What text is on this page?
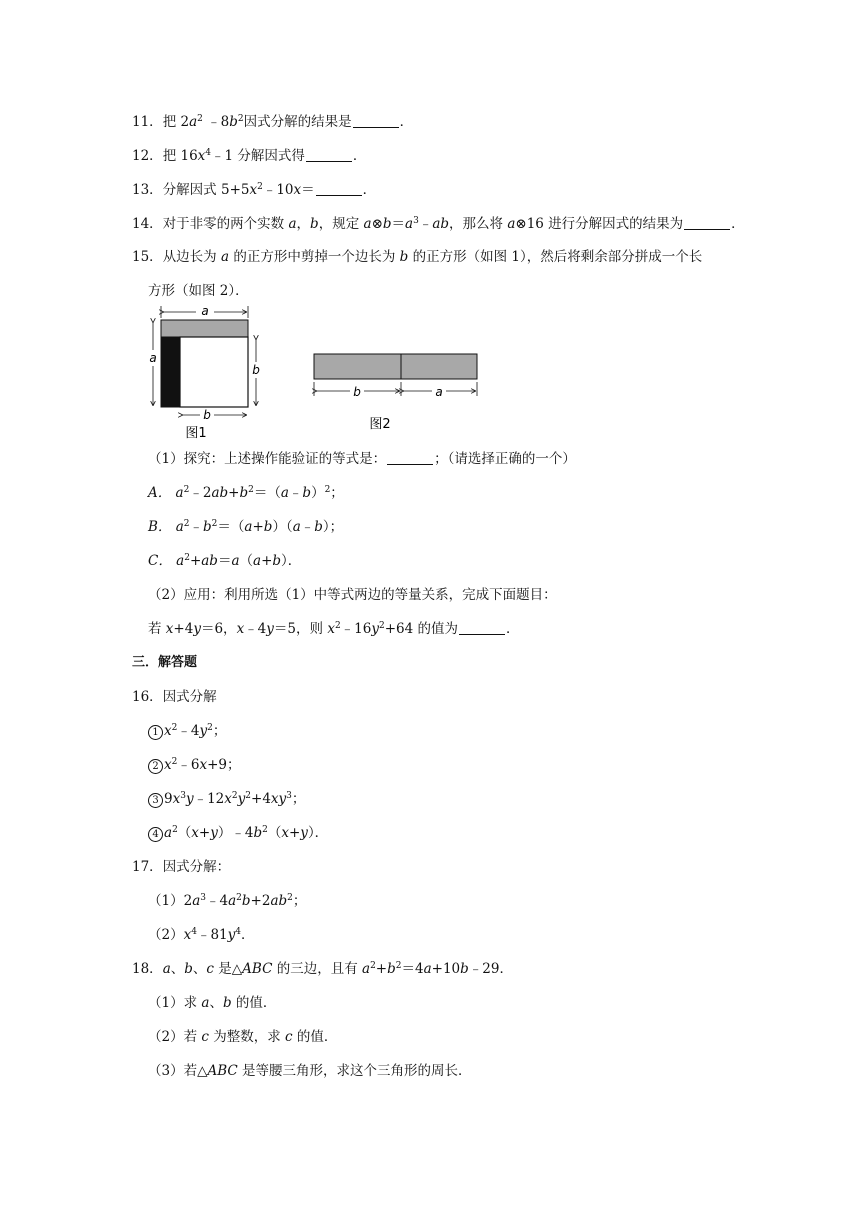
11．把 $2a^2$ $﹣8b^2$因式分解的结果是	．
12．把 $16x^4﹣1$ 分解因式得	．
13．分解因式 $5+5x^2﹣10x=$	．
14．对于非零的两个实数 a，b，规定 $a\otimes b=a^3﹣ab$，那么将 a⊗16 进行分解因式的结果为	．
15．从边长为 a 的正方形中剪掉一个边长为 b 的正方形（如图 1），然后将剩余部分拼成一个长
方形（如图 2）．
a
a
b
b
图1
b	a
图2
（1）探究：上述操作能验证的等式是：	；（请选择正确的一个）
A． $a^2﹣2ab+b^2=(a﹣b)^2$；
B． $a^2﹣b^2=(a+b)(a﹣b)$；
C． $a^2+ab=a(a+b)$．
（2）应用：利用所选（1）中等式两边的等量关系，完成下面题目：
若 x+4y＝6，x﹣4y＝5，则 $x^2﹣16y^2+64$ 的值为	．
三．解答题
16．因式分解
1 $x^2﹣4y^2$；
2 $x^2﹣6x+9$；
3 $9x^3y﹣12x^2y^2+4xy^3$；
4 $a^2(x+y)﹣4b^2(x+y)$．
17．因式分解：
$(1)2a^3﹣4a^2b+2ab^2$；
$(2)x^4﹣81y^4$．
18．a、b、c 是△ABC 的三边，且有 $a^2+b^2=4a+10b﹣29$．
（1）求 a、b 的值．
（2）若 c 为整数，求 c 的值．
（3）若△ABC 是等腰三角形，求这个三角形的周长．
